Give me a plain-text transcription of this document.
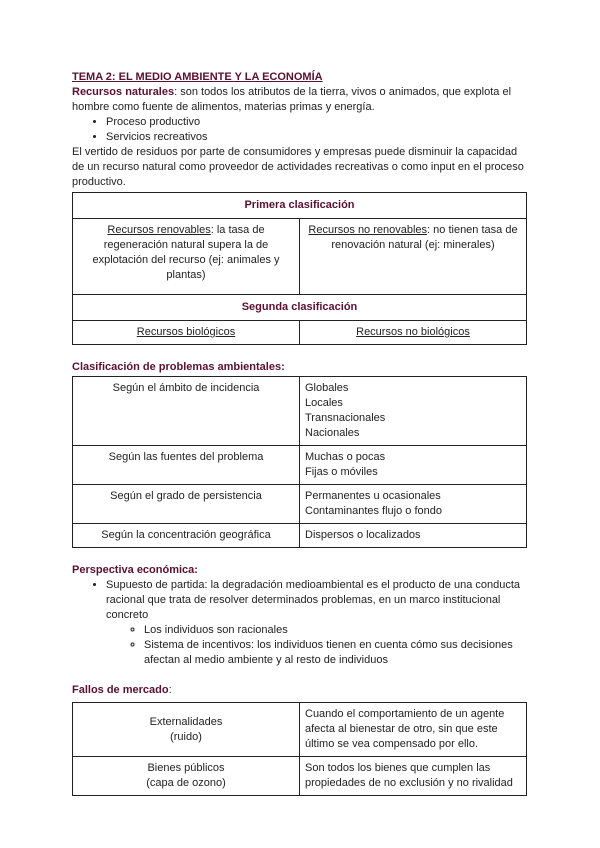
TEMA 2: EL MEDIO AMBIENTE Y LA ECONOMÍA

Recursos naturales: son todos los atributos de la tierra, vivos o animados, que explota el hombre como fuente de alimentos, materias primas y energía.

• Proceso productivo
• Servicios recreativos

El vertido de residuos por parte de consumidores y empresas puede disminuir la capacidad de un recurso natural como proveedor de actividades recreativas o como input en el proceso productivo.

Primera clasificación	
Recursos renovables: la tasa de regeneración natural supera la de explotación del recurso (ej: animales y plantas)	Recursos no renovables: no tienen tasa de renovación natural (ej: minerales)
Segunda clasificación	
Recursos biológicos	Recursos no biológicos

Clasificación de problemas ambientales:

Según el ámbito de incidencia	Globales
Locales
Transnacionales
Nacionales

Según las fuentes del problema	Muchas o pocas
Fijas o móviles

Según el grado de persistencia	Permanentes u ocasionales
Contaminantes flujo o fondo

Según la concentración geográfica	Dispersos o localizados

Perspectiva económica:

• Supuesto de partida: la degradación medioambiental es el producto de una conducta racional que trata de resolver determinados problemas, en un marco institucional concreto
◦ Los individuos son racionales
◦ Sistema de incentivos: los individuos tienen en cuenta cómo sus decisiones afectan al medio ambiente y al resto de individuos

Fallos de mercado:

Externalidades
(ruido)	Cuando el comportamiento de un agente afecta al bienestar de otro, sin que este último se vea compensado por ello.

Bienes públicos
(capa de ozono)	Son todos los bienes que cumplen las propiedades de no exclusión y no rivalidad
